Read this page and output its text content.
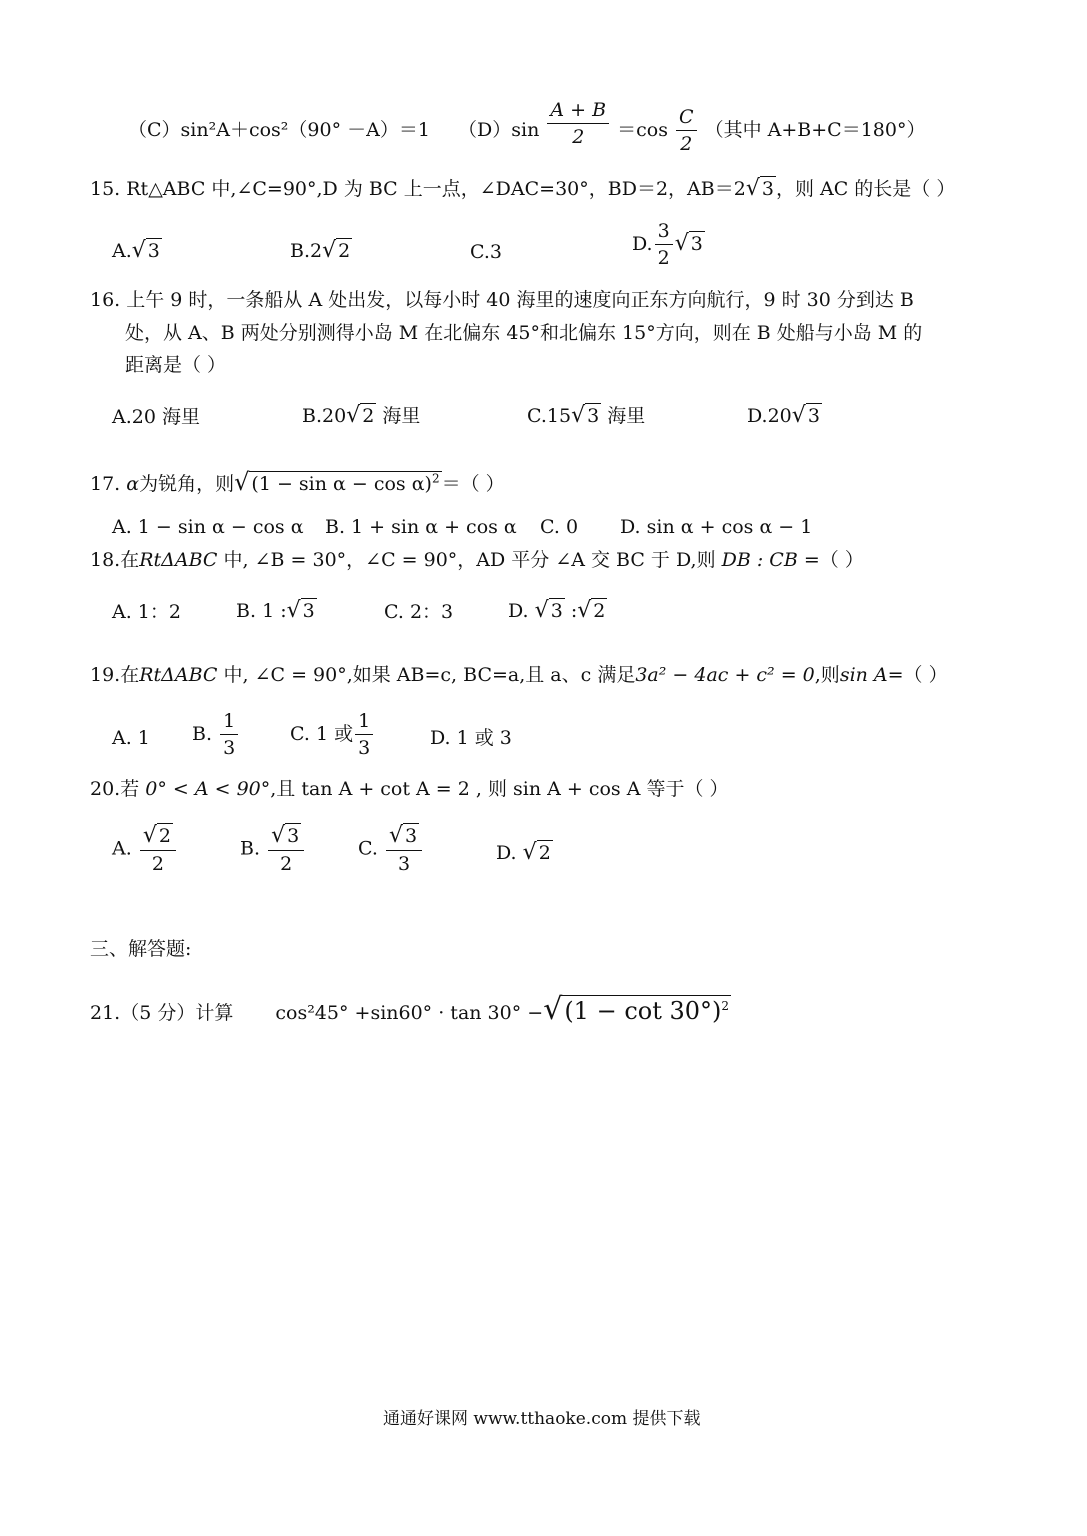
（C）sin²A＋cos²（90° －A）＝1 $(D)\sin \frac{A + B}{2} =\cos \frac{C}{2}$ （其中 A+B+C＝180°）
15. Rt△ABC 中,∠C=90°,D 为 BC 上一点，∠DAC=30°，BD＝2，AB＝2√ 3 ，则 AC 的长是（ ）
A.√ 3	B.2√ 2	C.3	D. $\frac{3}{2}$ √ 3
16. 上午 9 时，一条船从 A 处出发，以每小时 40 海里的速度向正东方向航行，9 时 30 分到达 B
处，从 A、B 两处分别测得小岛 M 在北偏东 45°和北偏东 15°方向，则在 B 处船与小岛 M 的
距离是（ ）
A.20 海里	B.20√ 2 海里	C.15√ 3 海里	D.20√ 3
17. α为锐角，则√ $(1 - \sin \alpha - \cos \alpha)^2$ ＝（ ）
A. 1 − sin α − cos α B. 1 + sin α + cos α C. 0 D. sin α + cos α − 1
18.在RtΔABC 中, ∠B = 30°，∠C = 90°，AD 平分 ∠A 交 BC 于 D,则 DB : CB =（ ）
A. 1：2	B. 1 :√ 3	C. 2：3	D. √ 3 :√ 2
19.在RtΔABC 中, ∠C = 90°,如果 AB=c, BC=a,且 a、c 满足3a² − 4ac + c² = 0,则sin A=（ ）
A. 1 B. $\frac{1}{3}$	C. 1 或 $\frac{1}{3}$	D. 1 或 3
20.若 0° < A < 90°,且 tan A + cot A = 2 , 则 sin A + cos A 等于（ ）
A. $\frac{√ 2}{2}$	B. $\frac{√ 3}{2}$	C. $\frac{√ 3}{3}$	D. √ 2
三、解答题:
21.（5 分）计算 $\cos^245^\circ +\sin 60^\circ \cdot \tan 30^\circ -√(1 - \cot 30^\circ)^2$
通通好课网 www.tthaoke.com 提供下载
